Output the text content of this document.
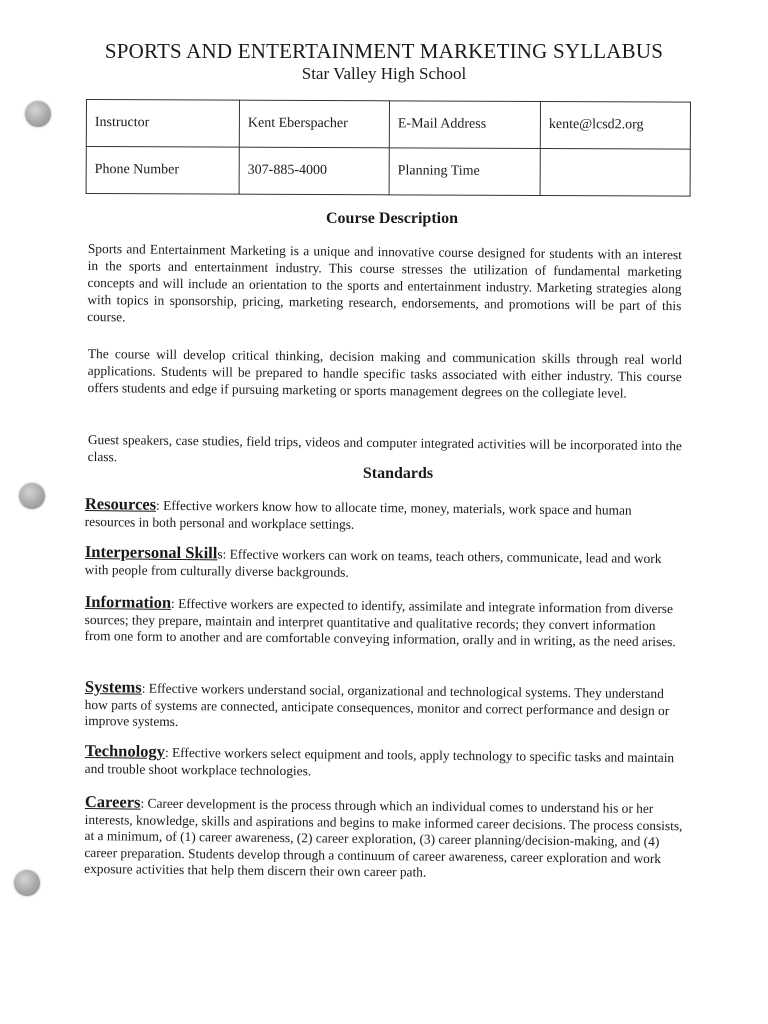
SPORTS AND ENTERTAINMENT MARKETING SYLLABUS
Star Valley High School
Instructor	Kent Eberspacher	E-Mail Address	kente@lcsd2.org
Phone Number	307-885-4000	Planning Time	
Course Description
Sports and Entertainment Marketing is a unique and innovative course designed for students with an interest in the sports and entertainment industry. This course stresses the utilization of fundamental marketing concepts and will include an orientation to the sports and entertainment industry. Marketing strategies along with topics in sponsorship, pricing, marketing research, endorsements, and promotions will be part of this course.
The course will develop critical thinking, decision making and communication skills through real world applications. Students will be prepared to handle specific tasks associated with either industry. This course offers students and edge if pursuing marketing or sports management degrees on the collegiate level.
Guest speakers, case studies, field trips, videos and computer integrated activities will be incorporated into the class.
Standards
Resources: Effective workers know how to allocate time, money, materials, work space and human resources in both personal and workplace settings.
Interpersonal Skills: Effective workers can work on teams, teach others, communicate, lead and work with people from culturally diverse backgrounds.
Information: Effective workers are expected to identify, assimilate and integrate information from diverse sources; they prepare, maintain and interpret quantitative and qualitative records; they convert information from one form to another and are comfortable conveying information, orally and in writing, as the need arises.
Systems: Effective workers understand social, organizational and technological systems. They understand how parts of systems are connected, anticipate consequences, monitor and correct performance and design or improve systems.
Technology: Effective workers select equipment and tools, apply technology to specific tasks and maintain and trouble shoot workplace technologies.
Careers: Career development is the process through which an individual comes to understand his or her interests, knowledge, skills and aspirations and begins to make informed career decisions. The process consists, at a minimum, of (1) career awareness, (2) career exploration, (3) career planning/decision-making, and (4) career preparation. Students develop through a continuum of career awareness, career exploration and work exposure activities that help them discern their own career path.
